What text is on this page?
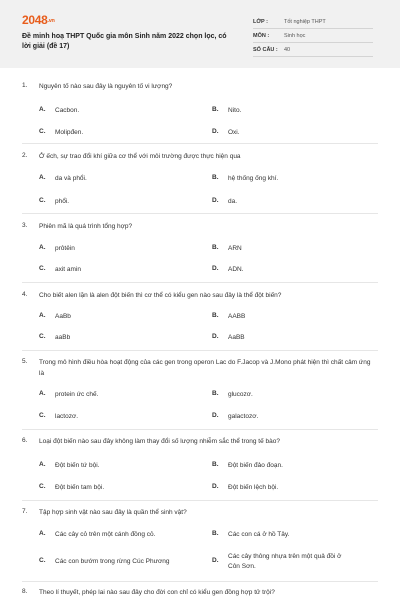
2048.vn
Đề minh hoạ THPT Quốc gia môn Sinh năm 2022 chọn lọc, có lời giải (đề 17)
LỚP :	Tốt nghiệp THPT
MÔN :	Sinh học
SỐ CÂU : 40
1. Nguyên tố nào sau đây là nguyên tố vi lượng?
A. Cacbon.	B. Nito.
C. Molipđen.	D. Oxi.
2. Ở ếch, sự trao đổi khí giữa cơ thể với môi trường được thực hiện qua
A. da và phổi.	B. hệ thống ống khí.
C. phổi.	D. da.
3. Phiên mã là quá trình tổng hợp?
A. prôtêin	B. ARN
C. axit amin	D. ADN.
4. Cho biết alen lặn là alen đột biến thì cơ thể có kiểu gen nào sau đây là thể đột biến?
A. AaBb	B. AABB
C. aaBb	D. AaBB
5. Trong mô hình điều hòa hoạt động của các gen trong operon Lac do F.Jacop và J.Mono phát hiện thì chất cảm ứng là
A. protein ức chế.	B. glucozơ.
C. lactozơ.	D. galactozơ.
6. Loại đột biến nào sau đây không làm thay đổi số lượng nhiễm sắc thể trong tế bào?
A. Đột biến tứ bội.	B. Đột biến đảo đoạn.
C. Đột biến tam bội.	D. Đột biến lệch bội.
7. Tập hợp sinh vật nào sau đây là quần thể sinh vật?
A. Các cây cỏ trên một cánh đồng cỏ.	B. Các con cá ở hồ Tây.
C. Các con bướm trong rừng Cúc Phương	D.
Các cây thông nhựa trên một quả đồi ở Côn Sơn.
8. Theo lí thuyết, phép lai nào sau đây cho đời con chỉ có kiểu gen đồng hợp tử trội?
